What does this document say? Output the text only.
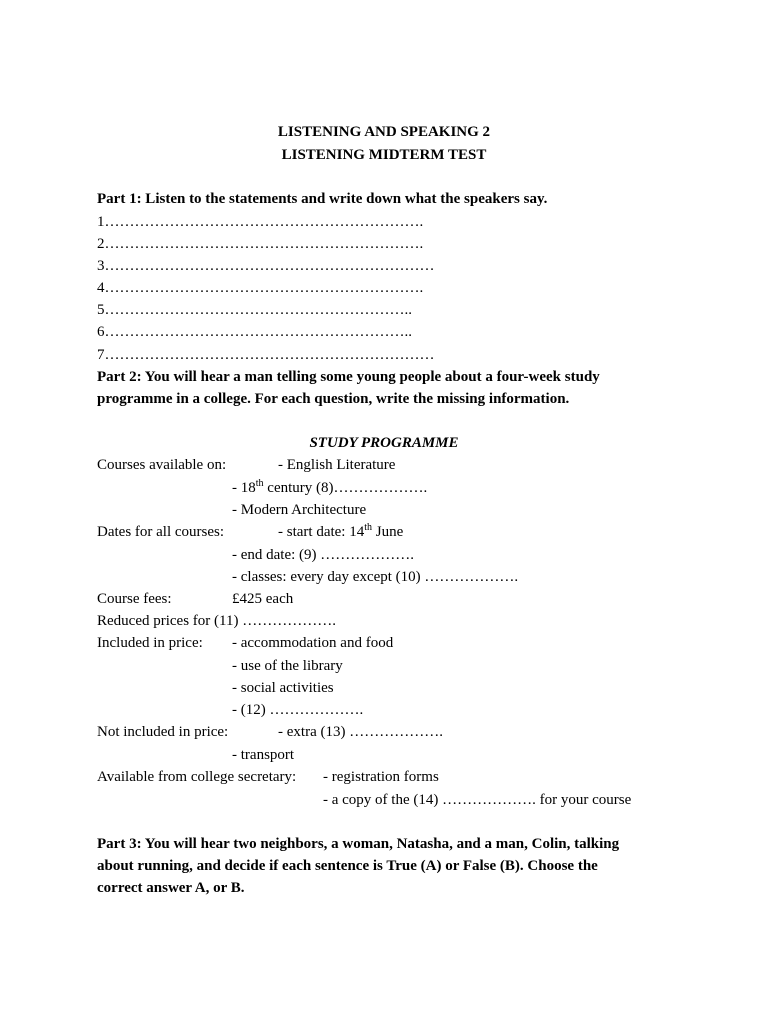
LISTENING AND SPEAKING 2
LISTENING MIDTERM TEST
Part 1: Listen to the statements and write down what the speakers say.
1……………………………………………………….
2……………………………………………………….
3…………………………………………………………
4……………………………………………………….
5……………………………………………………..
6……………………………………………………..
7…………………………………………………………
Part 2: You will hear a man telling some young people about a four-week study
programme in a college. For each question, write the missing information.
STUDY PROGRAMME
Courses available on:	- English Literature
- 18th century (8)……………….
- Modern Architecture
Dates for all courses:	- start date: 14th June
- end date: (9) ……………….
- classes: every day except (10) ……………….
Course fees:	£425 each
Reduced prices for (11) ……………….
Included in price: - accommodation and food
- use of the library
- social activities
- (12) ……………….
Not included in price:	- extra (13) ……………….
- transport
Available from college secretary: - registration forms
- a copy of the (14) ………………. for your course
Part 3: You will hear two neighbors, a woman, Natasha, and a man, Colin, talking
about running, and decide if each sentence is True (A) or False (B). Choose the
correct answer A, or B.
